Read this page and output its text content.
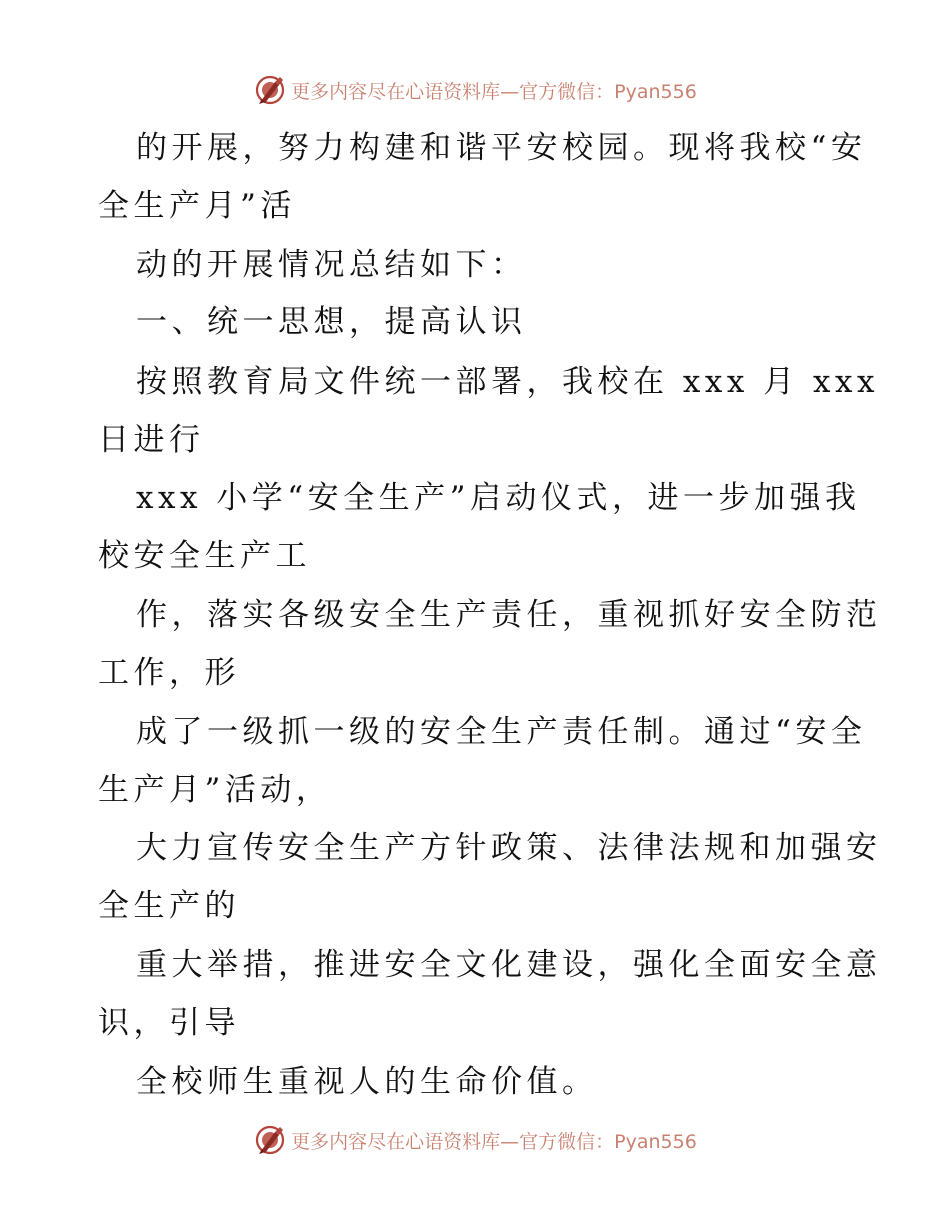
更多内容尽在心语资料库—官方微信：Pyan556
的开展，努力构建和谐平安校园。现将我校“安
全生产月”活
动的开展情况总结如下：
一、统一思想，提高认识
按照教育局文件统一部署，我校在 xxx 月 xxx
日进行
xxx 小学“安全生产”启动仪式，进一步加强我
校安全生产工
作，落实各级安全生产责任，重视抓好安全防范
工作，形
成了一级抓一级的安全生产责任制。通过“安全
生产月”活动，
大力宣传安全生产方针政策、法律法规和加强安
全生产的
重大举措，推进安全文化建设，强化全面安全意
识，引导
全校师生重视人的生命价值。
更多内容尽在心语资料库—官方微信：Pyan556
